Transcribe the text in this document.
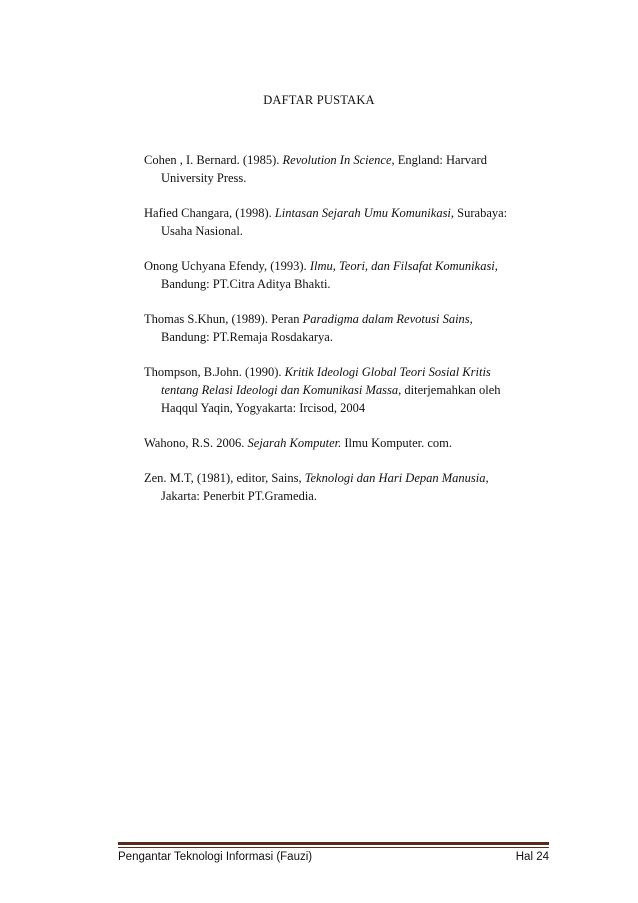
DAFTAR PUSTAKA
Cohen , I. Bernard. (1985). Revolution In Science, England: Harvard University Press.
Hafied Changara, (1998). Lintasan Sejarah Umu Komunikasi, Surabaya: Usaha Nasional.
Onong Uchyana Efendy, (1993). Ilmu, Teori, dan Filsafat Komunikasi, Bandung: PT.Citra Aditya Bhakti.
Thomas S.Khun, (1989). Peran Paradigma dalam Revotusi Sains, Bandung: PT.Remaja Rosdakarya.
Thompson, B.John. (1990). Kritik Ideologi Global Teori Sosial Kritis tentang Relasi Ideologi dan Komunikasi Massa, diterjemahkan oleh Haqqul Yaqin, Yogyakarta: Ircisod, 2004
Wahono, R.S. 2006. Sejarah Komputer. Ilmu Komputer. com.
Zen. M.T, (1981), editor, Sains, Teknologi dan Hari Depan Manusia, Jakarta: Penerbit PT.Gramedia.
Pengantar Teknologi Informasi (Fauzi)	Hal 24
